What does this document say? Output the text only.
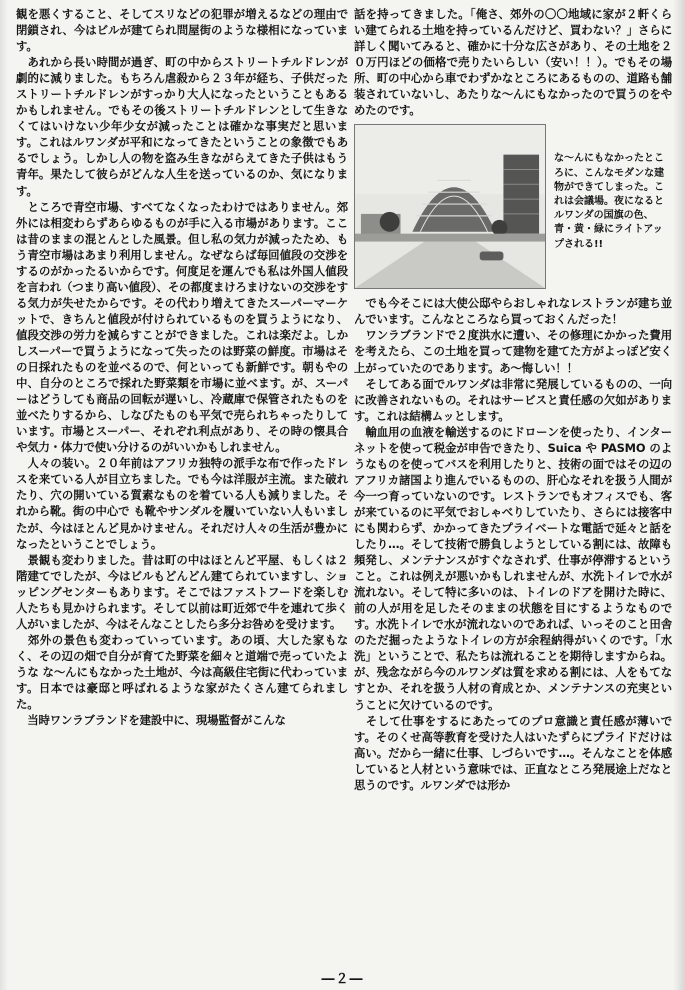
観を悪くすること、そしてスリなどの犯罪が増えるなどの理由で閉鎖され、今はビルが建てられ問屋街のような様相になっています。

　あれから長い時間が過ぎ、町の中からストリートチルドレンが劇的に減りました。もちろん虐殺から２３年が経ち、子供だったストリートチルドレンがすっかり大人になったということもあるかもしれません。でもその後ストリートチルドレンとして生きなくてはいけない少年少女が減ったことは確かな事実だと思います。これはルワンダが平和になってきたということの象徴でもあるでしょう。しかし人の物を盗み生きながらえてきた子供はもう青年。果たして彼らがどんな人生を送っているのか、気になります。

　ところで青空市場、すべてなくなったわけではありません。郊外には相変わらずあらゆるものが手に入る市場があります。ここは昔のままの混とんとした風景。但し私の気力が減ったため、もう青空市場はあまり利用しません。なぜならば毎回値段の交渉をするのがかったるいからです。何度足を運んでも私は外国人値段を言われ（つまり高い値段）、その都度まけろまけないの交渉をする気力が失せたからです。その代わり増えてきたスーパーマーケットで、きちんと値段が付けられているものを買うようになり、値段交渉の労力を減らすことができました。これは楽だよ。しかしスーパーで買うようになって失ったのは野菜の鮮度。市場はその日採れたものを並べるので、何といっても新鮮です。朝もやの中、自分のところで採れた野菜類を市場に並べます。が、スーパーはどうしても商品の回転が遅いし、冷蔵庫で保管されたものを並べたりするから、しなびたものも平気で売られちゃったりしています。市場とスーパー、それぞれ利点があり、その時の懐具合や気力・体力で使い分けるのがいいかもしれません。

　人々の装い。２０年前はアフリカ独特の派手な布で作ったドレスを来ている人が目立ちました。でも今は洋服が主流。また破れたり、穴の開いている質素なものを着ている人も減りました。それから靴。街の中心で も靴やサンダルを履いていない人もいましたが、今はほとんど見かけません。それだけ人々の生活が豊かになったということでしょう。

　景観も変わりました。昔は町の中はほとんど平屋、もしくは２階建てでしたが、今はビルもどんどん建てられていますし、ショッピングセンターもあります。そこではファストフードを楽しむ人たちも見かけられます。そして以前は町近郊で牛を連れて歩く人がいましたが、今はそんなことしたら多分お咎めを受けます。

　郊外の景色も変わっていっています。あの頃、大した家もなく、その辺の畑で自分が育てた野菜を細々と道端で売っていたような な〜んにもなかった土地が、今は高級住宅街に代わっています。日本では豪邸と呼ばれるような家がたくさん建てられました。

　当時ワンラブランドを建設中に、現場監督がこんな

話を持ってきました。「俺さ、郊外の〇〇地域に家が２軒くらい建てられる土地を持っているんだけど、買わない？」さらに詳しく聞いてみると、確かに十分な広さがあり、その土地を２０万円ほどの価格で売りたいらしい（安い！！）。でもその場所、町の中心から車でわずかなところにあるものの、道路も舗装されていないし、あたりな〜んにもなかったので買うのをやめたのです。

な〜んにもなかったところに、こんなモダンな建物ができてしまった。これは会議場。夜になるとルワンダの国旗の色、青・黄・緑にライトアップされる!!

　でも今そこには大使公邸やらおしゃれなレストランが建ち並んでいます。こんなところなら買っておくんだった！

　ワンラブランドで２度洪水に遭い、その修理にかかった費用を考えたら、この土地を買って建物を建てた方がよっぽど安く上がっていたのであります。あ〜悔しい！！

　そしてある面でルワンダは非常に発展しているものの、一向に改善されないもの。それはサービスと責任感の欠如があります。これは結構ムッとします。

　輸血用の血液を輸送するのにドローンを使ったり、インターネットを使って税金が申告できたり、Suica や PASMO のようなものを使ってバスを利用したりと、技術の面ではその辺のアフリカ諸国より進んでいるものの、肝心なそれを扱う人間が今一つ育っていないのです。レストランでもオフィスでも、客が来ているのに平気でおしゃべりしていたり、さらには接客中にも関わらず、かかってきたプライベートな電話で延々と話をしたり…。そして技術で勝負しようとしている割には、故障も頻発し、メンテナンスがすぐなされず、仕事が停滞するということ。これは例えが悪いかもしれませんが、水洗トイレで水が流れない。そして特に多いのは、トイレのドアを開けた時に、前の人が用を足したそのままの状態を目にするようなものです。水洗トイレで水が流れないのであれば、いっそのこと田舎のただ掘ったようなトイレの方が余程納得がいくのです。「水洗」ということで、私たちは流れることを期待しますからね。が、残念ながら今のルワンダは質を求める割には、人をもてなすとか、それを扱う人材の育成とか、メンテナンスの充実ということに欠けているのです。

　そして仕事をするにあたってのプロ意識と責任感が薄いです。そのくせ高等教育を受けた人はいたずらにプライドだけは高い。だから一緒に仕事、しづらいです…。そんなことを体感していると人材という意味では、正直なところ発展途上だなと思うのです。ルワンダでは形か

―２―
